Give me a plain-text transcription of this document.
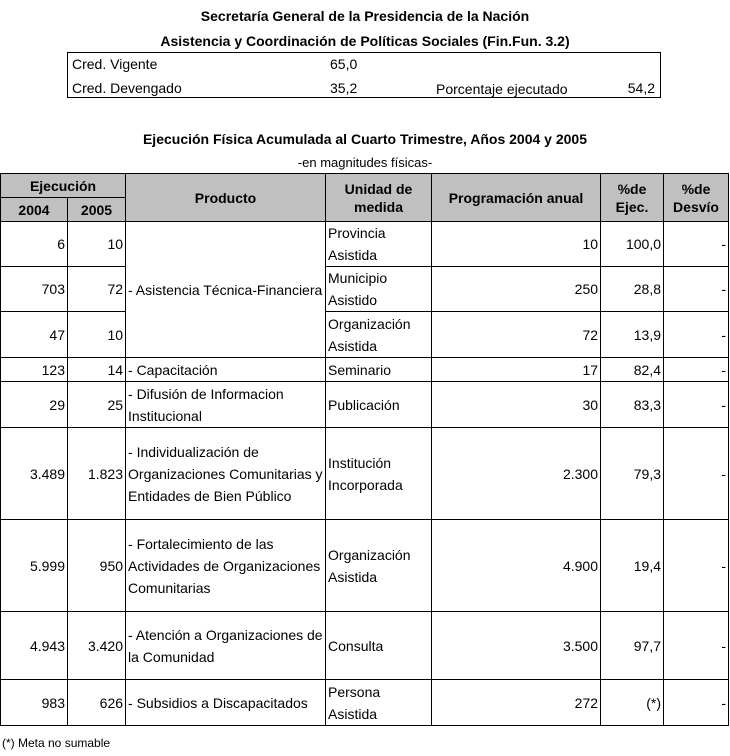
Secretaría General de la Presidencia de la Nación
Asistencia y Coordinación de Políticas Sociales (Fin.Fun. 3.2)
Cred. Vigente	65,0
Cred. Devengado	35,2	Porcentaje ejecutado	54,2
Ejecución Física Acumulada al Cuarto Trimestre, Años 2004 y 2005
-en magnitudes físicas-
Ejecución		Producto	Unidad de medida	Programación anual	%de Ejec.	%de Desvío
2004	2005					
6	10	- Asistencia Técnica-Financiera	Provincia Asistida	10	100,0	-
703	72		Municipio Asistido	250	28,8	-
47	10		Organización Asistida	72	13,9	-
123	14	- Capacitación	Seminario	17	82,4	-
29	25	- Difusión de Informacion Institucional	Publicación	30	83,3	-
3.489	1.823	- Individualización de Organizaciones Comunitarias y Entidades de Bien Público	Institución Incorporada	2.300	79,3	-
5.999	950	- Fortalecimiento de las Actividades de Organizaciones Comunitarias	Organización Asistida	4.900	19,4	-
4.943	3.420	- Atención a Organizaciones de la Comunidad	Consulta	3.500	97,7	-
983	626	- Subsidios a Discapacitados	Persona Asistida	272	(*)	-
(*) Meta no sumable
